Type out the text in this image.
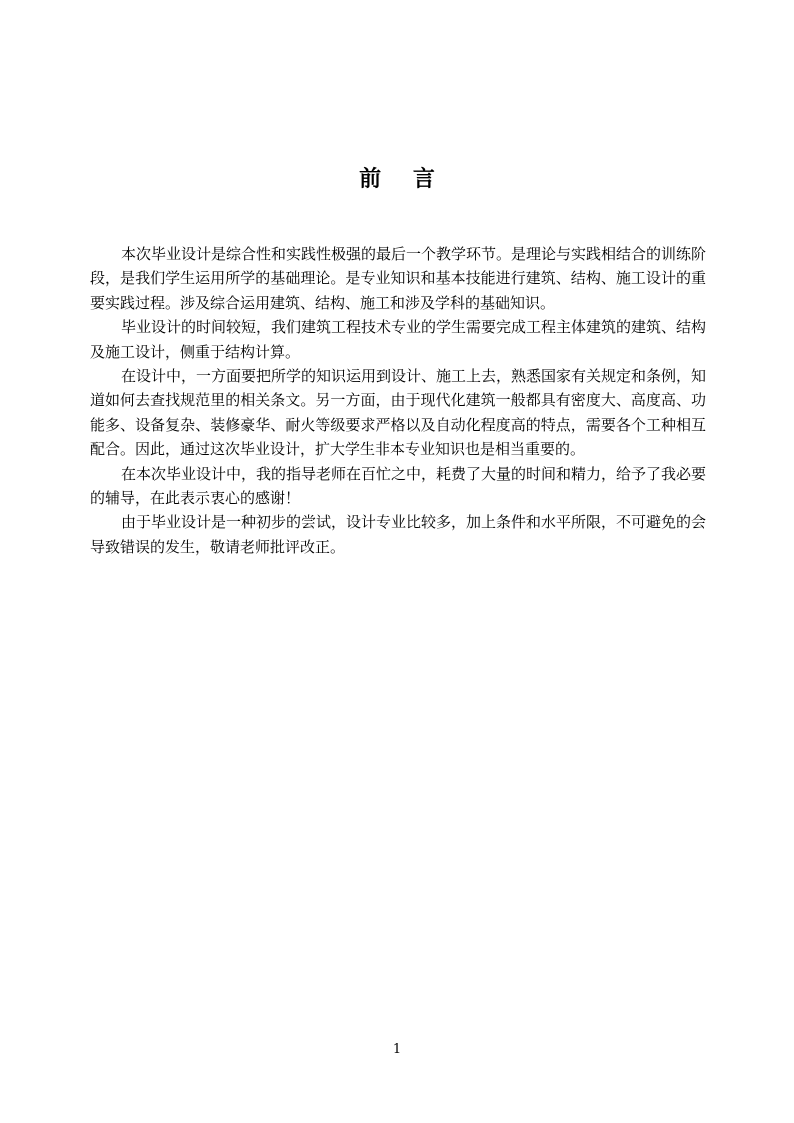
前 言

本次毕业设计是综合性和实践性极强的最后一个教学环节。是理论与实践相结合的训练阶段，是我们学生运用所学的基础理论。是专业知识和基本技能进行建筑、结构、施工设计的重要实践过程。涉及综合运用建筑、结构、施工和涉及学科的基础知识。

毕业设计的时间较短，我们建筑工程技术专业的学生需要完成工程主体建筑的建筑、结构及施工设计，侧重于结构计算。

在设计中，一方面要把所学的知识运用到设计、施工上去，熟悉国家有关规定和条例，知道如何去查找规范里的相关条文。另一方面，由于现代化建筑一般都具有密度大、高度高、功能多、设备复杂、装修豪华、耐火等级要求严格以及自动化程度高的特点，需要各个工种相互配合。因此，通过这次毕业设计，扩大学生非本专业知识也是相当重要的。

在本次毕业设计中，我的指导老师在百忙之中，耗费了大量的时间和精力，给予了我必要的辅导，在此表示衷心的感谢！

由于毕业设计是一种初步的尝试，设计专业比较多，加上条件和水平所限，不可避免的会导致错误的发生，敬请老师批评改正。

1
